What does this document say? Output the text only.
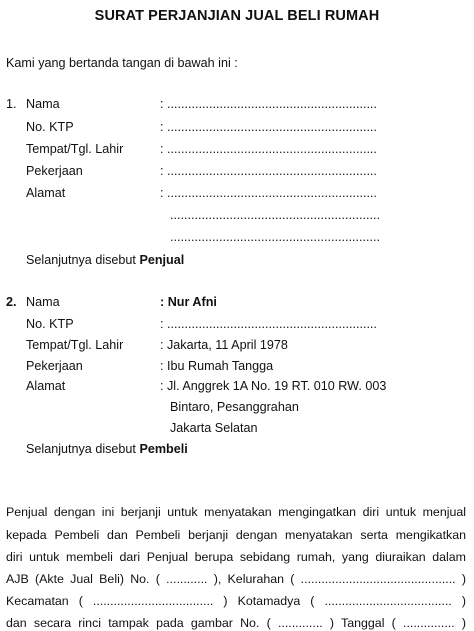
SURAT PERJANJIAN JUAL BELI RUMAH
Kami yang bertanda tangan di bawah ini :
1. Nama	: ............................................................
No. KTP	: ............................................................
Tempat/Tgl. Lahir	: ............................................................
Pekerjaan	: ............................................................
Alamat	: ............................................................
............................................................
............................................................
Selanjutnya disebut Penjual
2. Nama	: Nur Afni
No. KTP	: ............................................................
Tempat/Tgl. Lahir	: Jakarta, 11 April 1978
Pekerjaan	: Ibu Rumah Tangga
Alamat	: Jl. Anggrek 1A No. 19 RT. 010 RW. 003
Bintaro, Pesanggrahan
Jakarta Selatan
Selanjutnya disebut Pembeli
Penjual dengan ini berjanji untuk menyatakan mengingatkan diri untuk menjual
kepada Pembeli dan Pembeli berjanji dengan menyatakan serta mengikatkan
diri untuk membeli dari Penjual berupa sebidang rumah, yang diuraikan dalam
AJB (Akte Jual Beli) No. ( ............ ), Kelurahan ( ............................................. )
Kecamatan ( ................................... ) Kotamadya ( ..................................... )
dan secara rinci tampak pada gambar No. ( ............. ) Tanggal ( ............... )
